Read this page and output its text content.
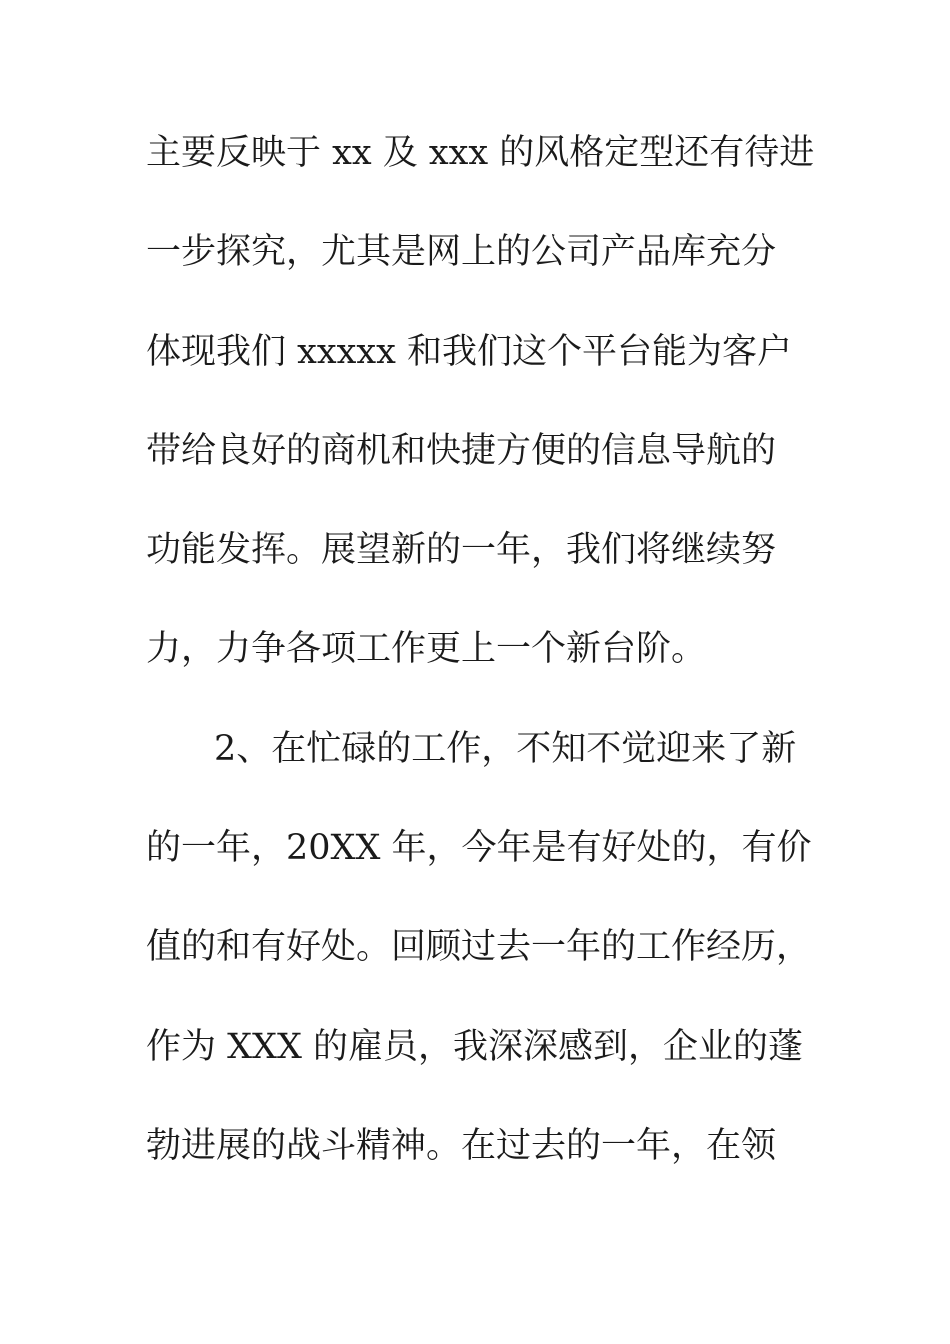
主要反映于 xx 及 xxx 的风格定型还有待进
一步探究，尤其是网上的公司产品库充分
体现我们 xxxxx 和我们这个平台能为客户
带给良好的商机和快捷方便的信息导航的
功能发挥。展望新的一年，我们将继续努
力，力争各项工作更上一个新台阶。
2、在忙碌的工作，不知不觉迎来了新
的一年，20XX 年，今年是有好处的，有价
值的和有好处。回顾过去一年的工作经历，
作为 XXX 的雇员，我深深感到，企业的蓬
勃进展的战斗精神。在过去的一年，在领
